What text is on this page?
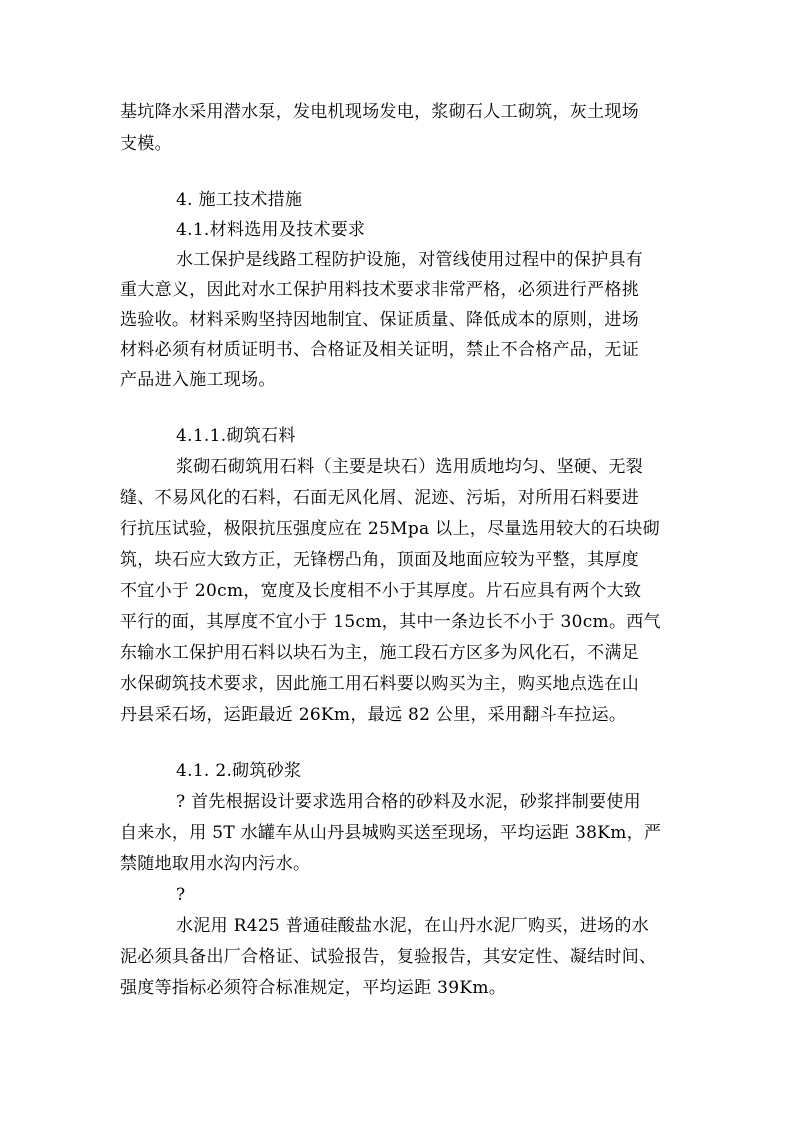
基坑降水采用潜水泵，发电机现场发电，浆砌石人工砌筑，灰土现场
支模。
4. 施工技术措施
4.1.材料选用及技术要求
水工保护是线路工程防护设施，对管线使用过程中的保护具有
重大意义，因此对水工保护用料技术要求非常严格，必须进行严格挑
选验收。材料采购坚持因地制宜、保证质量、降低成本的原则，进场
材料必须有材质证明书、合格证及相关证明，禁止不合格产品，无证
产品进入施工现场。
4.1.1.砌筑石料
浆砌石砌筑用石料（主要是块石）选用质地均匀、坚硬、无裂
缝、不易风化的石料，石面无风化屑、泥迹、污垢，对所用石料要进
行抗压试验，极限抗压强度应在 25Mpa 以上，尽量选用较大的石块砌
筑，块石应大致方正，无锋楞凸角，顶面及地面应较为平整，其厚度
不宜小于 20cm，宽度及长度相不小于其厚度。片石应具有两个大致
平行的面，其厚度不宜小于 15cm，其中一条边长不小于 30cm。西气
东输水工保护用石料以块石为主，施工段石方区多为风化石，不满足
水保砌筑技术要求，因此施工用石料要以购买为主，购买地点选在山
丹县采石场，运距最近 26Km，最远 82 公里，采用翻斗车拉运。
4.1. 2.砌筑砂浆
? 首先根据设计要求选用合格的砂料及水泥，砂浆拌制要使用
自来水，用 5T 水罐车从山丹县城购买送至现场，平均运距 38Km，严
禁随地取用水沟内污水。
?
水泥用 R425 普通硅酸盐水泥，在山丹水泥厂购买，进场的水
泥必须具备出厂合格证、试验报告，复验报告，其安定性、凝结时间、
强度等指标必须符合标准规定，平均运距 39Km。
